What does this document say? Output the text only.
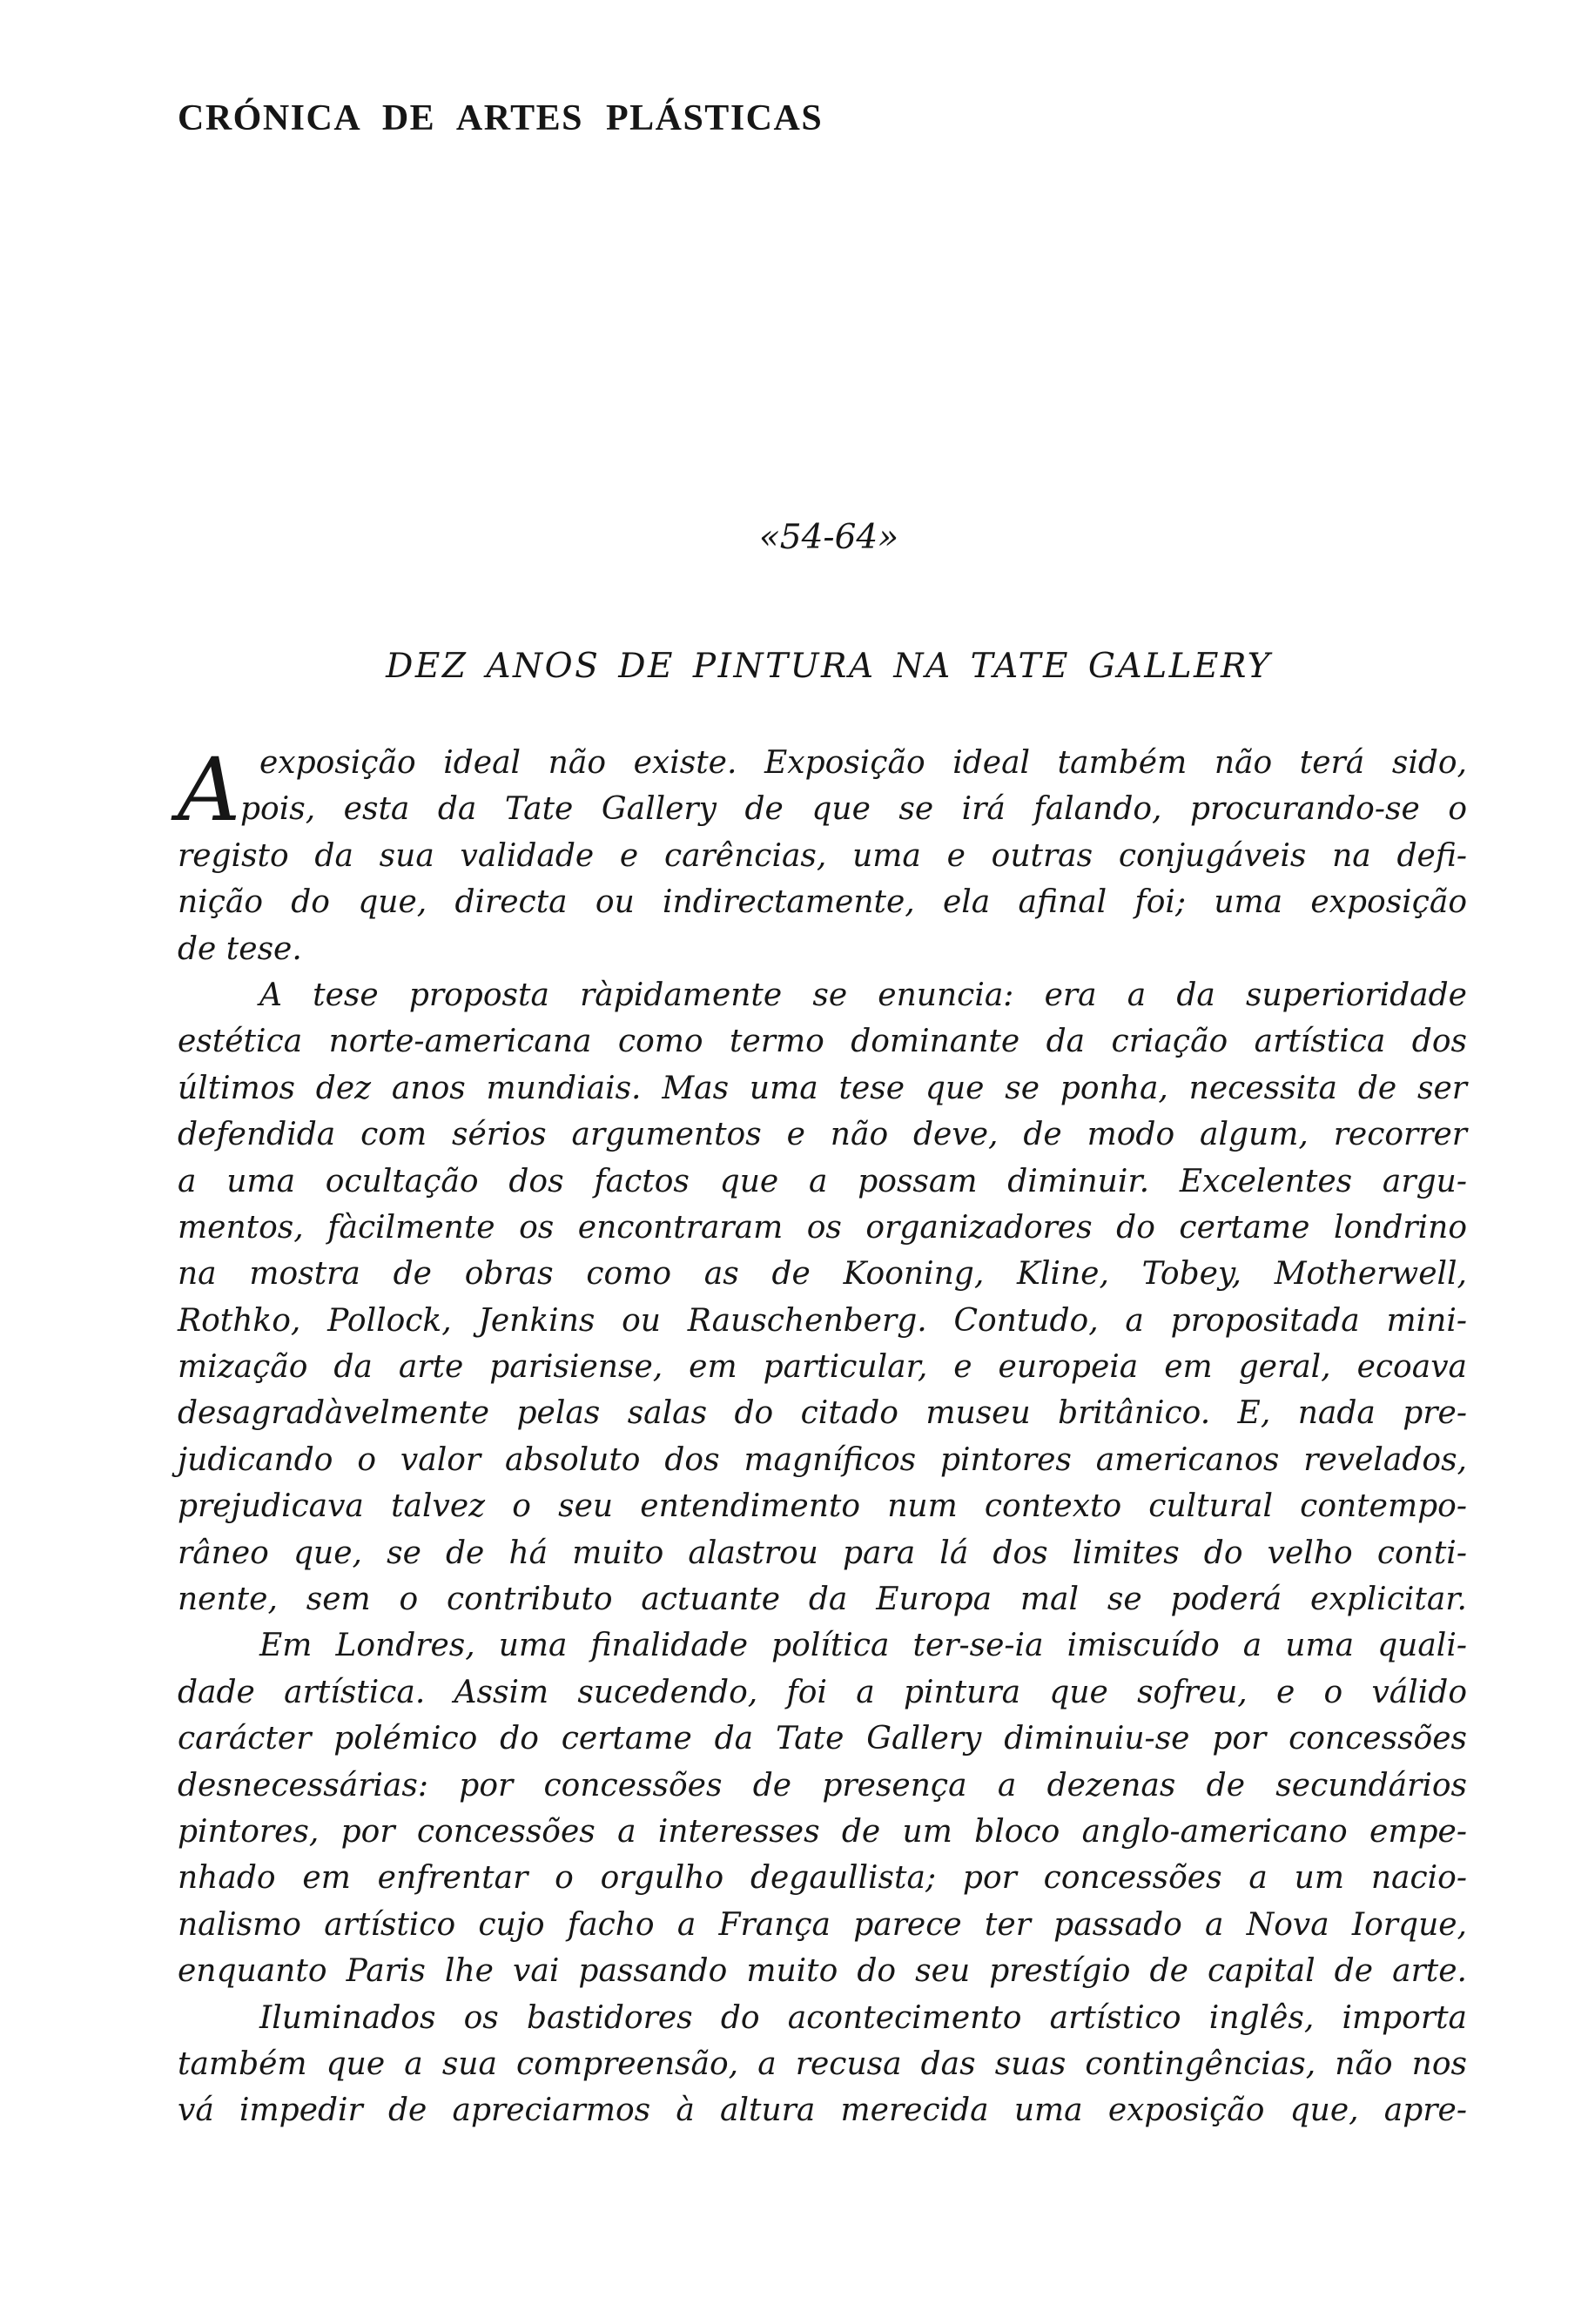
CRÓNICA DE ARTES PLÁSTICAS
«54-64»
DEZ ANOS DE PINTURA NA TATE GALLERY
A exposição ideal não existe. Exposição ideal também não terá sido,
pois, esta da Tate Gallery de que se irá falando, procurando-se o
registo da sua validade e carências, uma e outras conjugáveis na defi-
nição do que, directa ou indirectamente, ela afinal foi; uma exposição
de tese.
A tese proposta ràpidamente se enuncia: era a da superioridade
estética norte-americana como termo dominante da criação artística dos
últimos dez anos mundiais. Mas uma tese que se ponha, necessita de ser
defendida com sérios argumentos e não deve, de modo algum, recorrer
a uma ocultação dos factos que a possam diminuir. Excelentes argu-
mentos, fàcilmente os encontraram os organizadores do certame londrino
na mostra de obras como as de Kooning, Kline, Tobey, Motherwell,
Rothko, Pollock, Jenkins ou Rauschenberg. Contudo, a propositada mini-
mização da arte parisiense, em particular, e europeia em geral, ecoava
desagradàvelmente pelas salas do citado museu britânico. E, nada pre-
judicando o valor absoluto dos magníficos pintores americanos revelados,
prejudicava talvez o seu entendimento num contexto cultural contempo-
râneo que, se de há muito alastrou para lá dos limites do velho conti-
nente, sem o contributo actuante da Europa mal se poderá explicitar.
Em Londres, uma finalidade política ter-se-ia imiscuído a uma quali-
dade artística. Assim sucedendo, foi a pintura que sofreu, e o válido
carácter polémico do certame da Tate Gallery diminuiu-se por concessões
desnecessárias: por concessões de presença a dezenas de secundários
pintores, por concessões a interesses de um bloco anglo-americano empe-
nhado em enfrentar o orgulho degaullista; por concessões a um nacio-
nalismo artístico cujo facho a França parece ter passado a Nova Iorque,
enquanto Paris lhe vai passando muito do seu prestígio de capital de arte.
Iluminados os bastidores do acontecimento artístico inglês, importa
também que a sua compreensão, a recusa das suas contingências, não nos
vá impedir de apreciarmos à altura merecida uma exposição que, apre-
